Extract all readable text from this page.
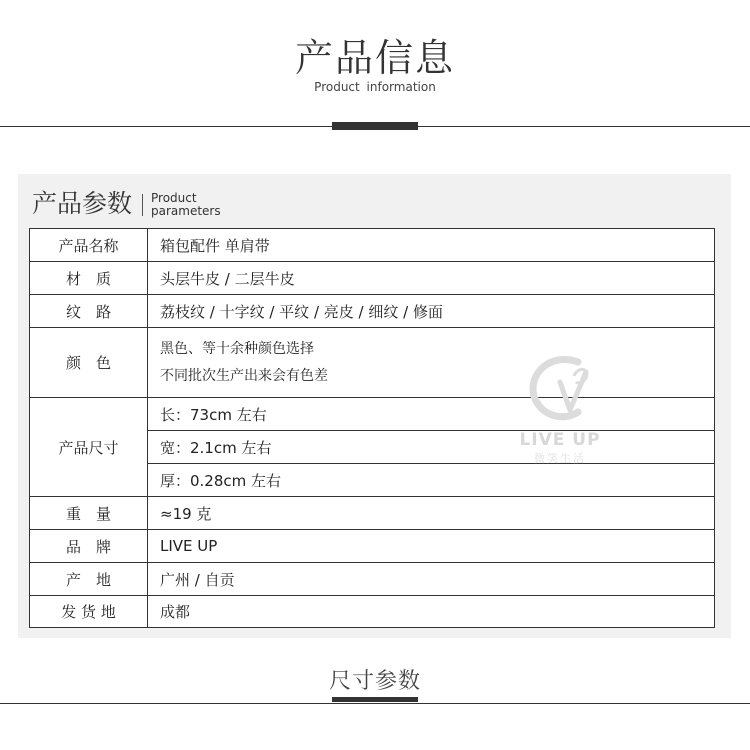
产品信息
Product information
产品参数 Product
parameters
产品名称	箱包配件 单肩带
材　质	头层牛皮 / 二层牛皮
纹　路	荔枝纹 / 十字纹 / 平纹 / 亮皮 / 细纹 / 修面
颜　色	黑色、等十余种颜色选择
不同批次生产出来会有色差

产品尺寸	长：73cm 左右
	宽：2.1cm 左右
	厚：0.28cm 左右
重　量	≈19 克
品　牌	LIVE UP
产　地	广州 / 自贡
发 货 地	成都
LIVE UP
微笑生活
尺寸参数
